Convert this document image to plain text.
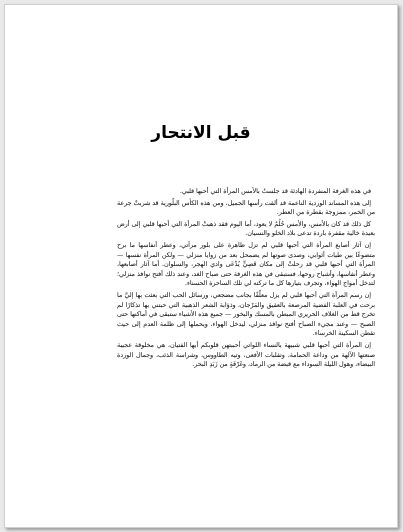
قبل الانتحار

في هذه الغرفة المنفردة الهادئة قد جلستُ بالأمس المرأة التي أحبها قلبي.

إلى هذه المساند الوردية الناعمة قد ألقت رأسها الجميل، ومن هذه الكأس البلّورية قد شربتْ جرعة من الخمر، ممزوجة بقطرة من العطر.

كل ذلك قد كان بالأمس، والأمس حُلُمٌ لا يعود، أما اليوم فقد ذهبتْ المرأة التي أحبها قلبي إلى أرض بعيدة خالية مقفرة باردة تدعى بلاد الخلو والنسيان.

إن آثار أصابع المرأة التي أحبها قلبي لم تزل ظاهرة على بلور مرآتي، وعطر أنفاسها ما برح متضوعًا بين طيات أثوابي، وصدى صوتها لم يضمحل بعد من زوايا منزلي — ولكن المرأة نفسها — المرأة التي أحبها قلبي قد رحلتْ إلى مكان قَصِيٍّ يُدْعَى وادي الهجر، والسلوان. أما آثار أصابعها، وعطر أنفاسها، وأشباح روحها، فستبقى في هذه الغرفة حتى صباح الغد، وعند ذلك أفتح نوافذ منزلي؛ لتدخل أمواج الهواء، وتجرف بتيارها كل ما تركته لي تلك الساحرة الحسناء.

إن رسم المرأة التي أحبها قلبي لم يزل معلّقًا بجانب مضجعي، ورسائل الحب التي بعثت بها إليَّ ما برحت في العلبة الفضية المرصعة بالعقيق والمَرْجان، وذؤابة الشعر الذهبية التي حبتني بها تذكارًا لم تخرج قط من الغلاف الحريري المبطن بالمسك والبخور — جميع هذه الأشياء ستبقى في أماكنها حتى الصبح — وعند مجيء الصباح أفتح نوافذ منزلي، ليدخل الهواء، ويحملها إلى ظلمة العدم إلى حيث تقطن السكينة الخرساء.

إن المرأة التي أحبها قلبي شبيهة بالنساء اللواتي أحببتهن قلوبكم أيها الفتيان، هي مخلوقة عجيبة صنعتها الآلهة من وداعة الحمامة، وتقلبات الأفعى، وتيه الطاووس، وشراسة الذئب، وجمال الوردة البيضاء، وهول الليلة السوداء مع قبضة من الرماد، وغَرْفَةٍ من زَبَدِ البحر.
